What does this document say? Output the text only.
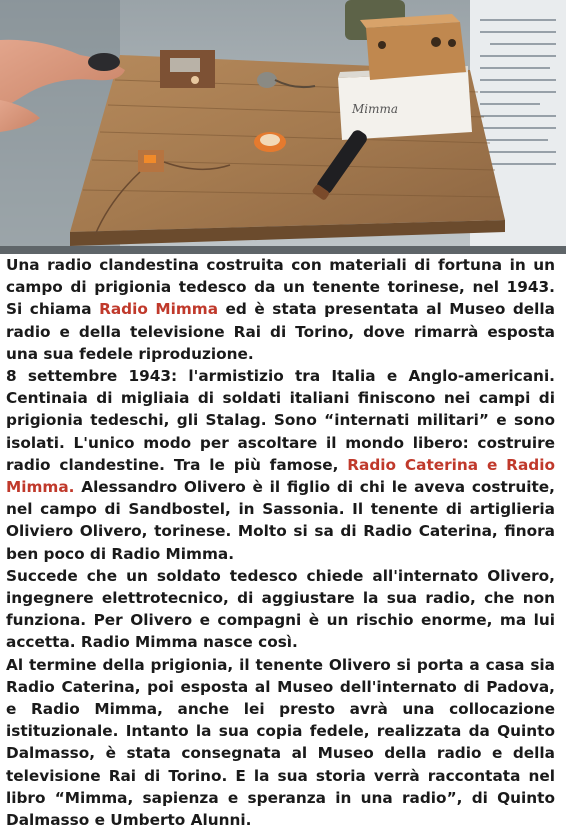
Mimma

Una radio clandestina costruita con materiali di fortuna in un campo di prigionia tedesco da un tenente torinese, nel 1943. Si chiama Radio Mimma ed è stata presentata al Museo della radio e della televisione Rai di Torino, dove rimarrà esposta una sua fedele riproduzione.

8 settembre 1943: l'armistizio tra Italia e Anglo-americani. Centinaia di migliaia di soldati italiani finiscono nei campi di prigionia tedeschi, gli Stalag. Sono “internati militari” e sono isolati. L'unico modo per ascoltare il mondo libero: costruire radio clandestine. Tra le più famose, Radio Caterina e Radio Mimma. Alessandro Olivero è il figlio di chi le aveva costruite, nel campo di Sandbostel, in Sassonia. Il tenente di artiglieria Oliviero Olivero, torinese. Molto si sa di Radio Caterina, finora ben poco di Radio Mimma.

Succede che un soldato tedesco chiede all'internato Olivero, ingegnere elettrotecnico, di aggiustare la sua radio, che non funziona. Per Olivero e compagni è un rischio enorme, ma lui accetta. Radio Mimma nasce così.

Al termine della prigionia, il tenente Olivero si porta a casa sia Radio Caterina, poi esposta al Museo dell'internato di Padova, e Radio Mimma, anche lei presto avrà una collocazione istituzionale. Intanto la sua copia fedele, realizzata da Quinto Dalmasso, è stata consegnata al Museo della radio e della televisione Rai di Torino. E la sua storia verrà raccontata nel libro “Mimma, sapienza e speranza in una radio”, di Quinto Dalmasso e Umberto Alunni.
